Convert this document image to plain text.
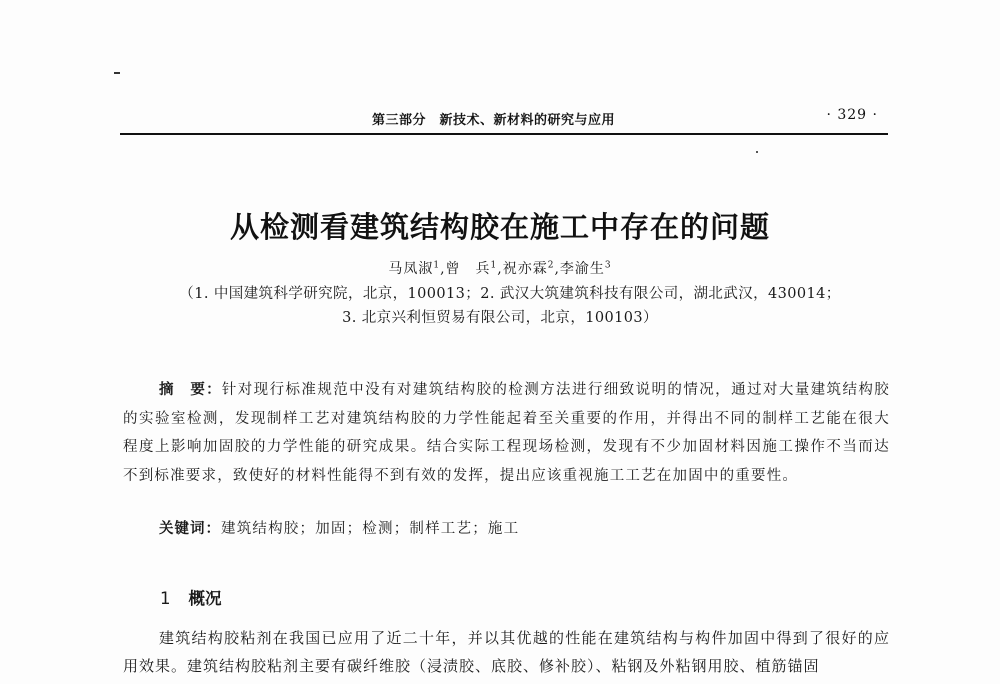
第三部分　新技术、新材料的研究与应用	· 329 ·
从检测看建筑结构胶在施工中存在的问题
马凤淑$^1$,曾　兵$^1$,祝亦霖$^2$,李渝生$^3$
（1. 中国建筑科学研究院，北京，100013；2. 武汉大筑建筑科技有限公司，湖北武汉，430014；
3. 北京兴利恒贸易有限公司，北京，100103）
摘　要：针对现行标准规范中没有对建筑结构胶的检测方法进行细致说明的情况，通过对大量建筑结构胶的实验室检测，发现制样工艺对建筑结构胶的力学性能起着至关重要的作用，并得出不同的制样工艺能在很大程度上影响加固胶的力学性能的研究成果。结合实际工程现场检测，发现有不少加固材料因施工操作不当而达不到标准要求，致使好的材料性能得不到有效的发挥，提出应该重视施工工艺在加固中的重要性。
关键词：建筑结构胶；加固；检测；制样工艺；施工
1 概况
建筑结构胶粘剂在我国已应用了近二十年，并以其优越的性能在建筑结构与构件加固中得到了很好的应用效果。建筑结构胶粘剂主要有碳纤维胶（浸渍胶、底胶、修补胶）、粘钢及外粘钢用胶、植筋锚固
